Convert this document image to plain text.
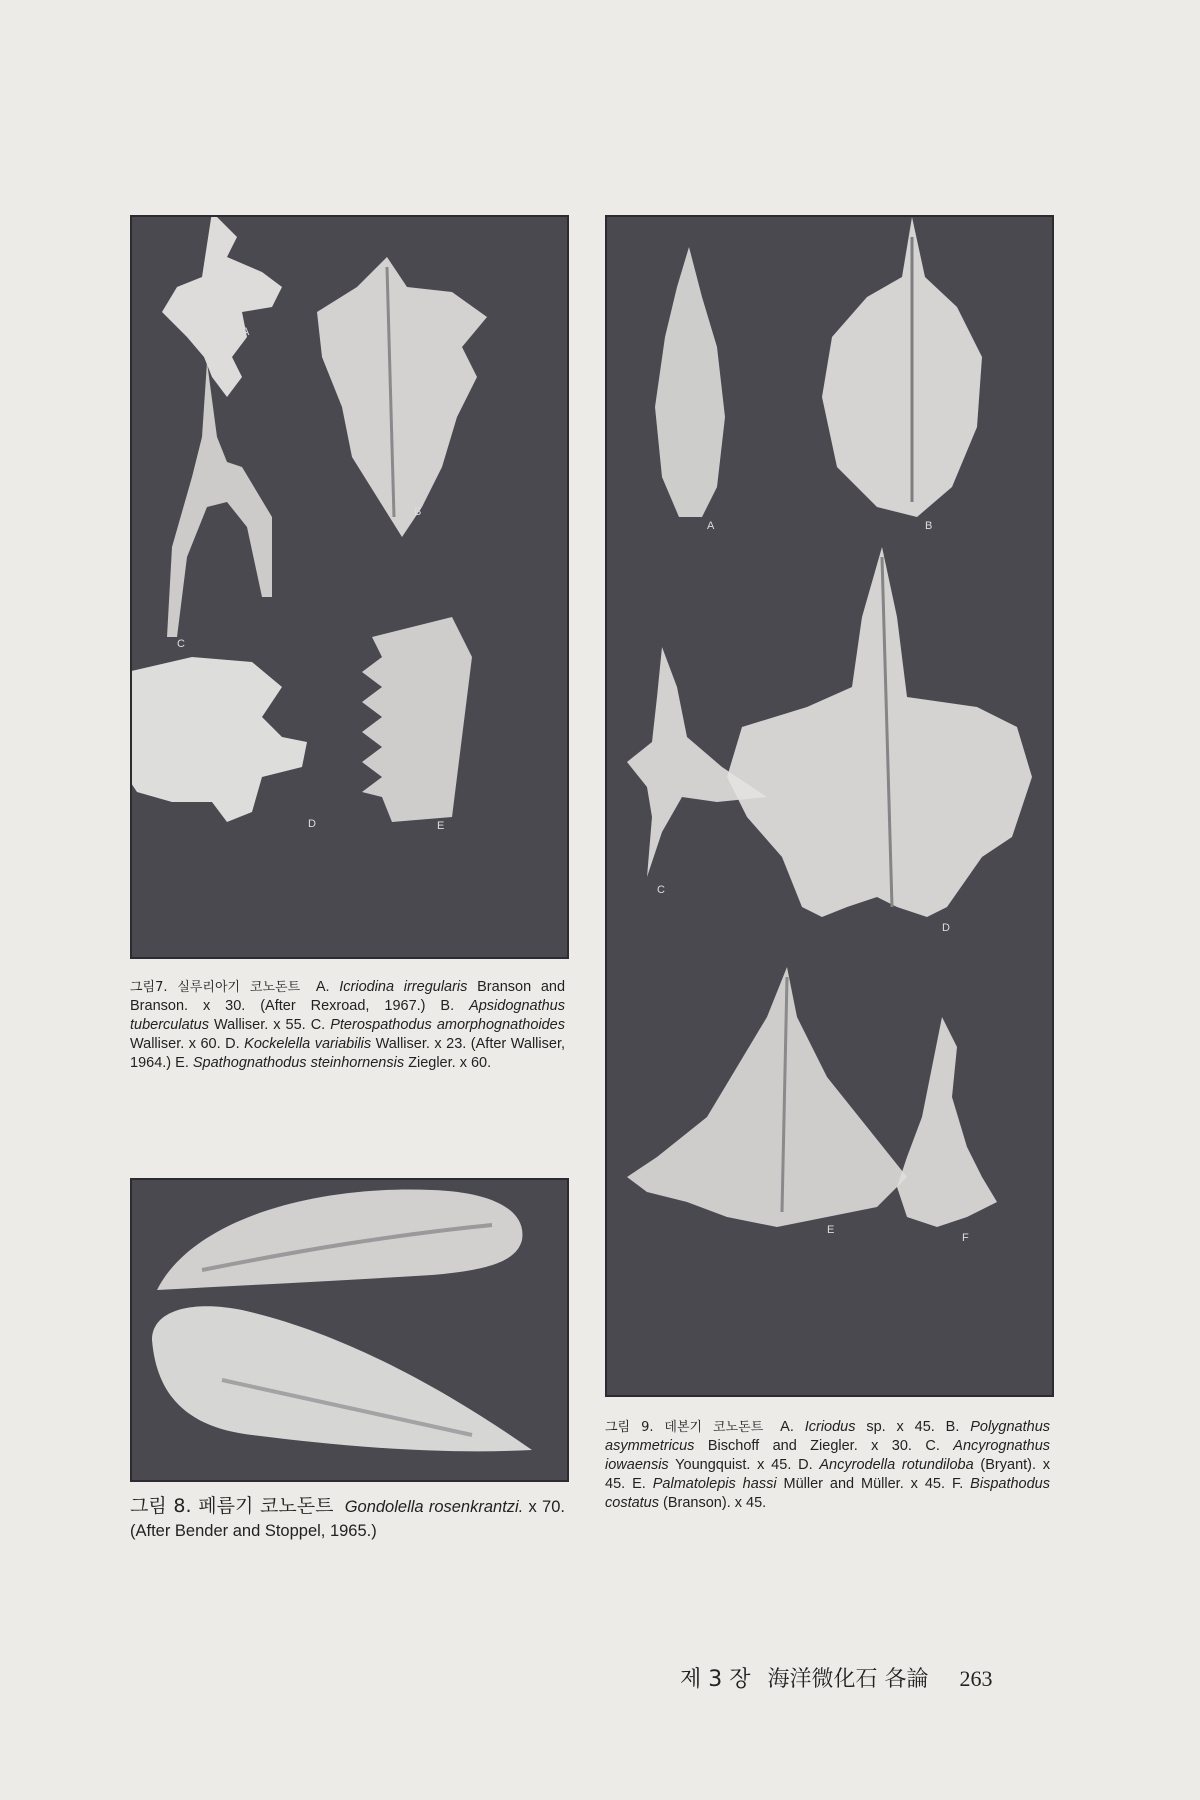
A
B
C
D	E
그림7. 실루리아기 코노돈트 A. Icriodina irregularis Branson and Branson. x 30. (After Rexroad, 1967.) B. Apsidognathus tuberculatus Walliser. x 55. C. Pterospathodus amorphognathoides Walliser. x 60. D. Kockelella variabilis Walliser. x 23. (After Walliser, 1964.) E. Spathognathodus steinhornensis Ziegler. x 60.
그림 8. 페름기 코노돈트 Gondolella rosenkrantzi. x 70. (After Bender and Stoppel, 1965.)
A	B
C
D
E
F
그림 9. 데본기 코노돈트 A. Icriodus sp. x 45. B. Polygnathus asymmetricus Bischoff and Ziegler. x 30. C. Ancyrognathus iowaensis Youngquist. x 45. D. Ancyrodella rotundiloba (Bryant). x 45. E. Palmatolepis hassi Müller and Müller. x 45. F. Bispathodus costatus (Branson). x 45.
제 3 장 海洋微化石 各論 263
